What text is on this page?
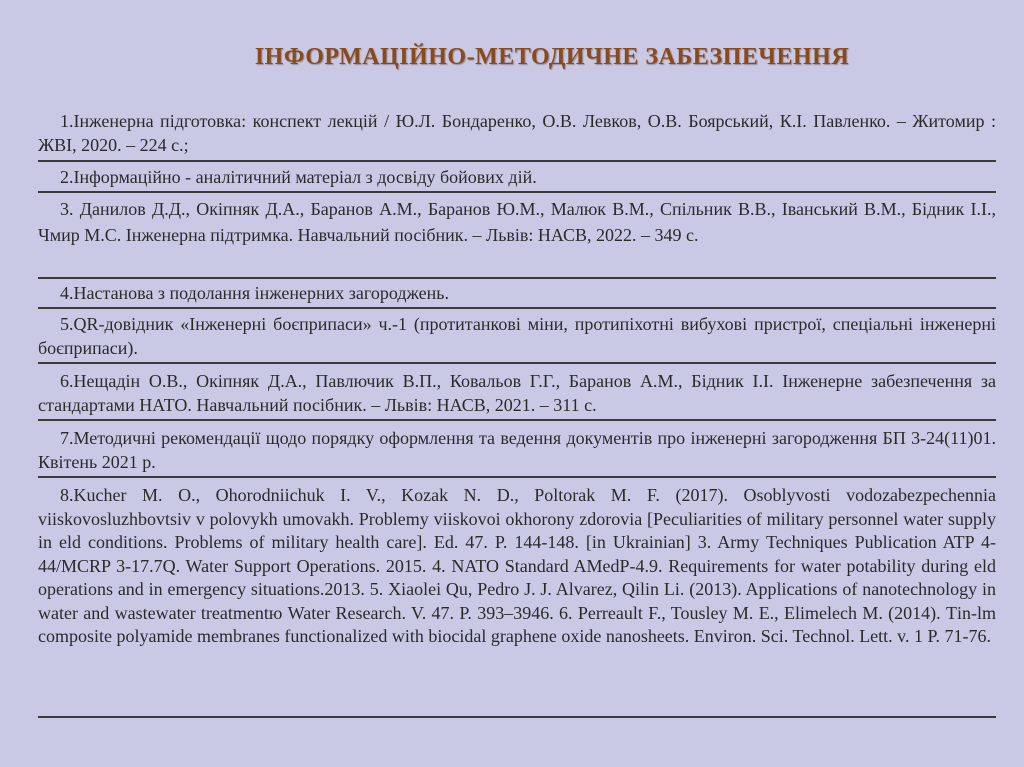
ІНФОРМАЦІЙНО-МЕТОДИЧНЕ ЗАБЕЗПЕЧЕННЯ
1.Інженерна підготовка: конспект лекцій / Ю.Л. Бондаренко, О.В. Левков, О.В. Боярський, К.І. Павленко. – Житомир : ЖВІ, 2020. – 224 с.;
2.Інформаційно - аналітичний матеріал з досвіду бойових дій.
3. Данилов Д.Д., Окіпняк Д.А., Баранов А.М., Баранов Ю.М., Малюк В.М., Спільник В.В., Іванський В.М., Бідник І.І., Чмир М.С. Інженерна підтримка. Навчальний посібник. – Львів: НАСВ, 2022. – 349 с.
4.Настанова з подолання інженерних загороджень.
5.QR-довідник «Інженерні боєприпаси» ч.-1 (протитанкові міни, протипіхотні вибухові пристрої, спеціальні інженерні боєприпаси).
6.Нещадін О.В., Окіпняк Д.А., Павлючик В.П., Ковальов Г.Г., Баранов А.М., Бідник І.І. Інженерне забезпечення за стандартами НАТО. Навчальний посібник. – Львів: НАСВ, 2021. – 311 с.
7.Методичні рекомендації щодо порядку оформлення та ведення документів про інженерні загородження БП 3-24(11)01. Квітень 2021 р.
8.Kucher M. O., Ohorodniichuk I. V., Kozak N. D., Poltorak M. F. (2017). Osoblyvosti vodozabezpechennia viiskovosluzhbovtsiv v polovykh umovakh. Problemy viiskovoi okhorony zdorovia [Peculiarities of military personnel water supply in eld conditions. Problems of military health care]. Ed. 47. P. 144-148. [in Ukrainian] 3. Army Techniques Publication ATP 4-44/MCRP 3-17.7Q. Water Support Operations. 2015. 4. NATO Standard AMedP-4.9. Requirements for water potability during eld operations and in emergency situations.2013. 5. Xiaolei Qu, Pedro J. J. Alvarez, Qilin Li. (2013). Applications of nanotechnology in water and wastewater treatmentю Water Research. V. 47. P. 393–3946. 6. Perreault F., Tousley M. E., Elimelech M. (2014). Тin-lm composite polyamide membranes functionalized with biocidal graphene oxide nanosheets. Environ. Sci. Technol. Lett. v. 1 P. 71-76.
